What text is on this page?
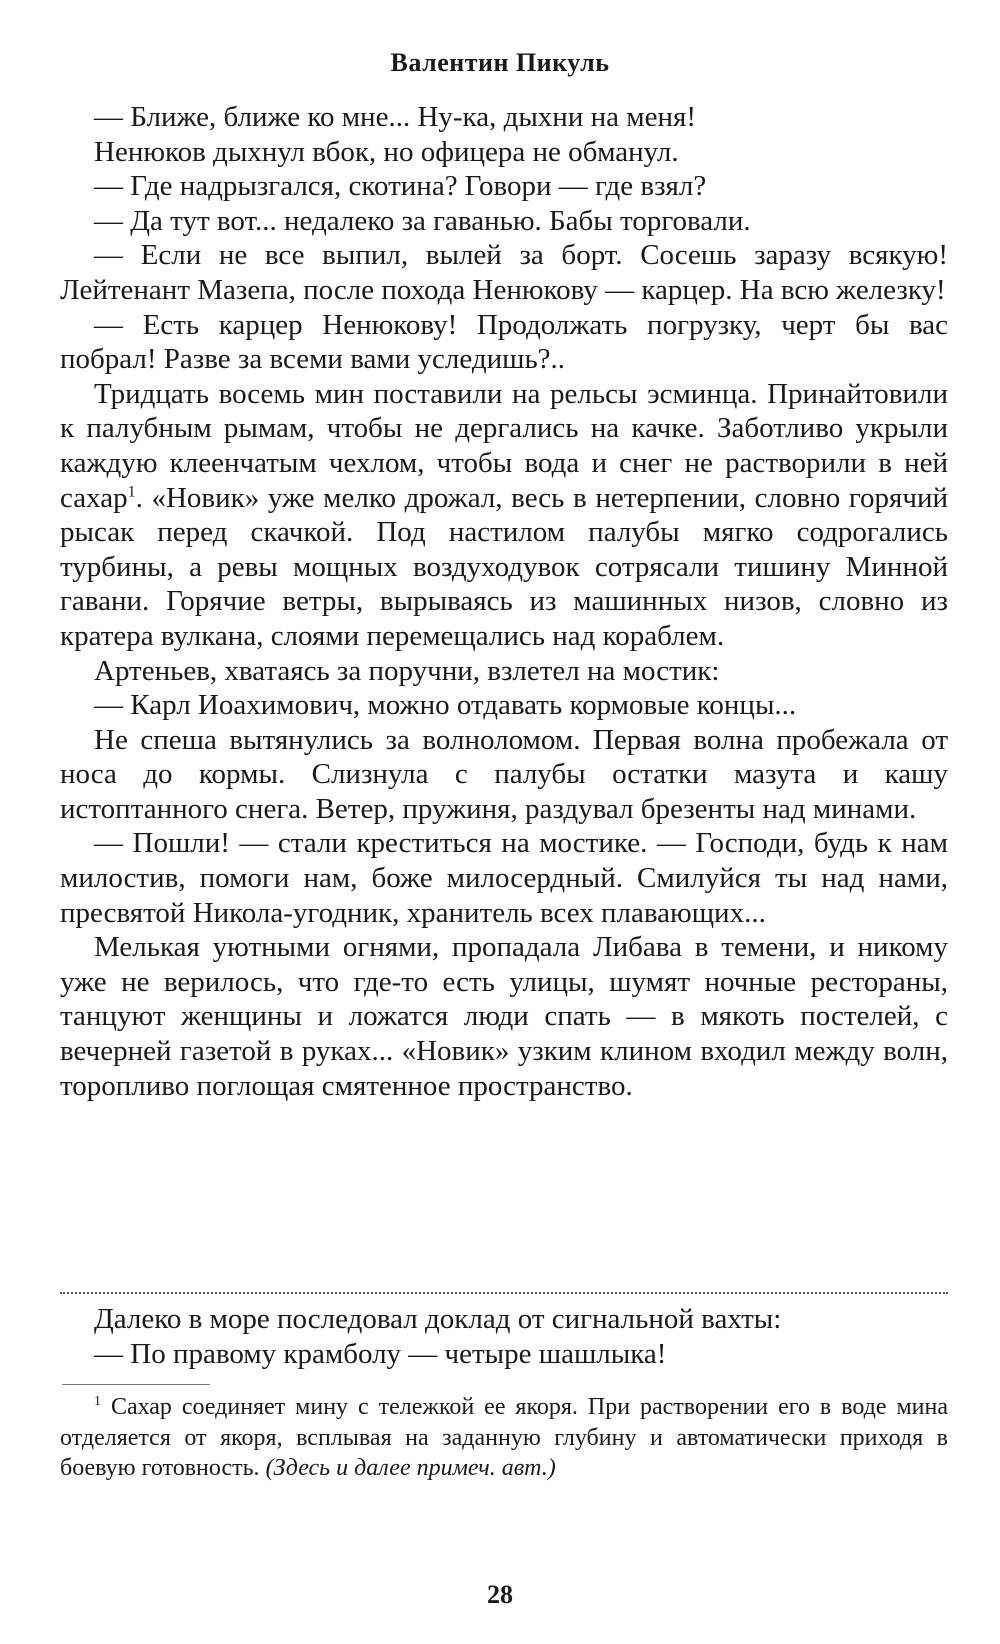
Валентин Пикуль

— Ближе, ближе ко мне... Ну-ка, дыхни на меня!

Ненюков дыхнул вбок, но офицера не обманул.

— Где надрызгался, скотина? Говори — где взял?

— Да тут вот... недалеко за гаванью. Бабы торговали.

— Если не все выпил, вылей за борт. Сосешь заразу всякую! Лейтенант Мазепа, после похода Ненюкову — карцер. На всю железку!

— Есть карцер Ненюкову! Продолжать погрузку, черт бы вас побрал! Разве за всеми вами уследишь?..

Тридцать восемь мин поставили на рельсы эсминца. Принайтовили к палубным рымам, чтобы не дергались на качке. Заботливо укрыли каждую клеенчатым чехлом, чтобы вода и снег не растворили в ней сахар$^1$. «Новик» уже мелко дрожал, весь в нетерпении, словно горячий рысак перед скачкой. Под настилом палубы мягко содрогались турбины, а ревы мощных воздуходувок сотрясали тишину Минной гавани. Горячие ветры, вырываясь из машинных низов, словно из кратера вулкана, слоями перемещались над кораблем.

Артеньев, хватаясь за поручни, взлетел на мостик:

— Карл Иоахимович, можно отдавать кормовые концы...

Не спеша вытянулись за волноломом. Первая волна пробежала от носа до кормы. Слизнула с палубы остатки мазута и кашу истоптанного снега. Ветер, пружиня, раздувал брезенты над минами.

— Пошли! — стали креститься на мостике. — Господи, будь к нам милостив, помоги нам, боже милосердный. Смилуйся ты над нами, пресвятой Никола-угодник, хранитель всех плавающих...

Мелькая уютными огнями, пропадала Либава в темени, и никому уже не верилось, что где-то есть улицы, шумят ночные рестораны, танцуют женщины и ложатся люди спать — в мякоть постелей, с вечерней газетой в руках... «Новик» узким клином входил между волн, торопливо поглощая смятенное пространство.

Далеко в море последовал доклад от сигнальной вахты:

— По правому крамболу — четыре шашлыка!

$^1$ Сахар соединяет мину с тележкой ее якоря. При растворении его в воде мина отделяется от якоря, всплывая на заданную глубину и автоматически приходя в боевую готовность. (Здесь и далее примеч. авт.)
28
